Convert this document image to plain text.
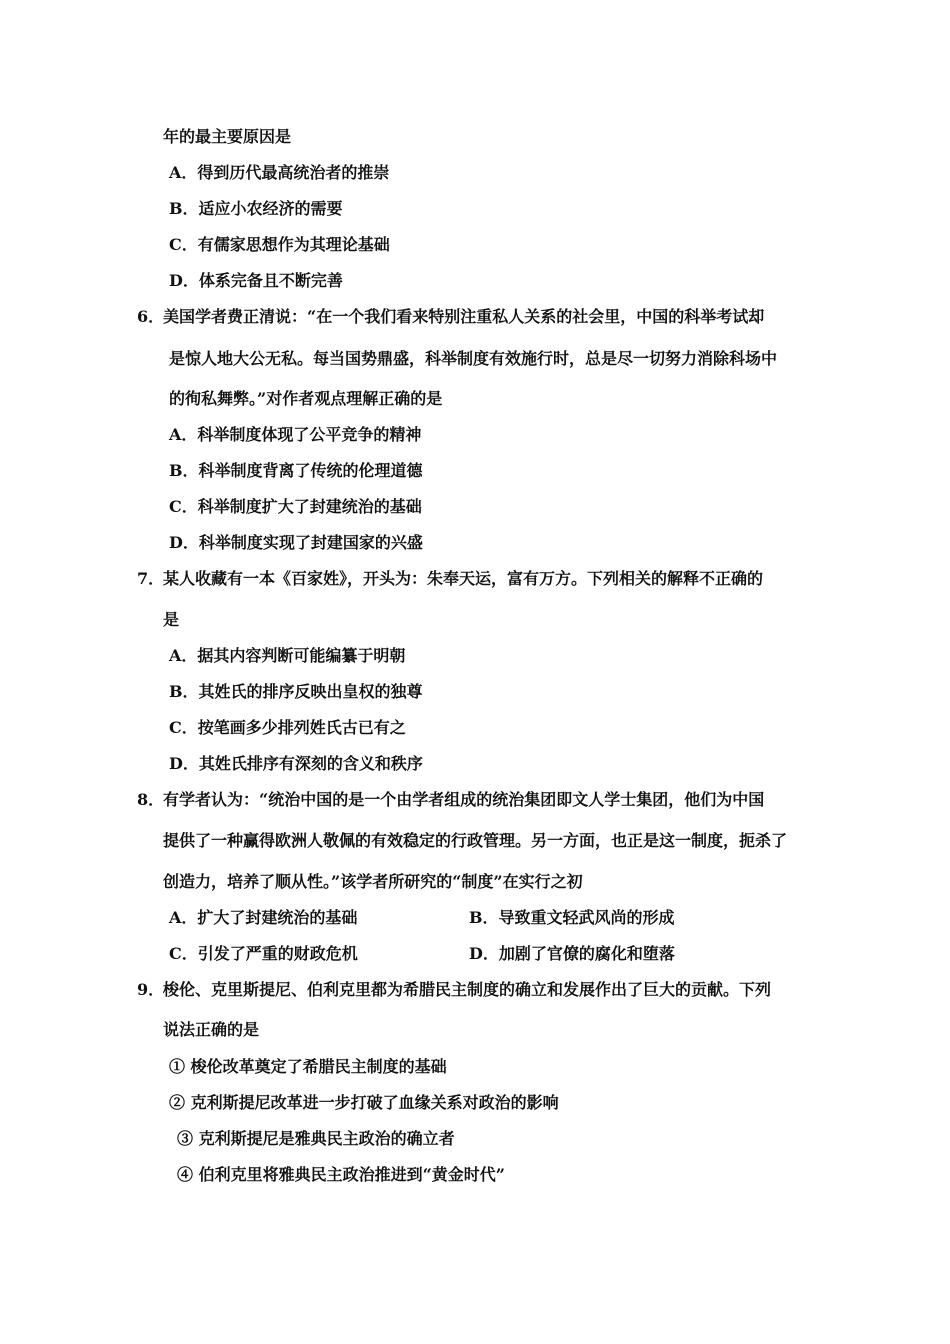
年的最主要原因是
A．得到历代最高统治者的推崇
B．适应小农经济的需要
C．有儒家思想作为其理论基础
D．体系完备且不断完善
6．美国学者费正清说：“在一个我们看来特别注重私人关系的社会里，中国的科举考试却
是惊人地大公无私。每当国势鼎盛，科举制度有效施行时，总是尽一切努力消除科场中
的徇私舞弊。”对作者观点理解正确的是
A．科举制度体现了公平竞争的精神
B．科举制度背离了传统的伦理道德
C．科举制度扩大了封建统治的基础
D．科举制度实现了封建国家的兴盛
7．某人收藏有一本《百家姓》，开头为：朱奉天运，富有万方。下列相关的解释不正确的
是
A．据其内容判断可能编纂于明朝
B．其姓氏的排序反映出皇权的独尊
C．按笔画多少排列姓氏古已有之
D．其姓氏排序有深刻的含义和秩序
8．有学者认为：“统治中国的是一个由学者组成的统治集团即文人学士集团，他们为中国
提供了一种赢得欧洲人敬佩的有效稳定的行政管理。另一方面，也正是这一制度，扼杀了
创造力，培养了顺从性。”该学者所研究的“制度”在实行之初
A．扩大了封建统治的基础	B．导致重文轻武风尚的形成
C．引发了严重的财政危机	D．加剧了官僚的腐化和堕落
9．梭伦、克里斯提尼、伯利克里都为希腊民主制度的确立和发展作出了巨大的贡献。下列
说法正确的是
① 梭伦改革奠定了希腊民主制度的基础
② 克利斯提尼改革进一步打破了血缘关系对政治的影响
③ 克利斯提尼是雅典民主政治的确立者
④ 伯利克里将雅典民主政治推进到“黄金时代”
